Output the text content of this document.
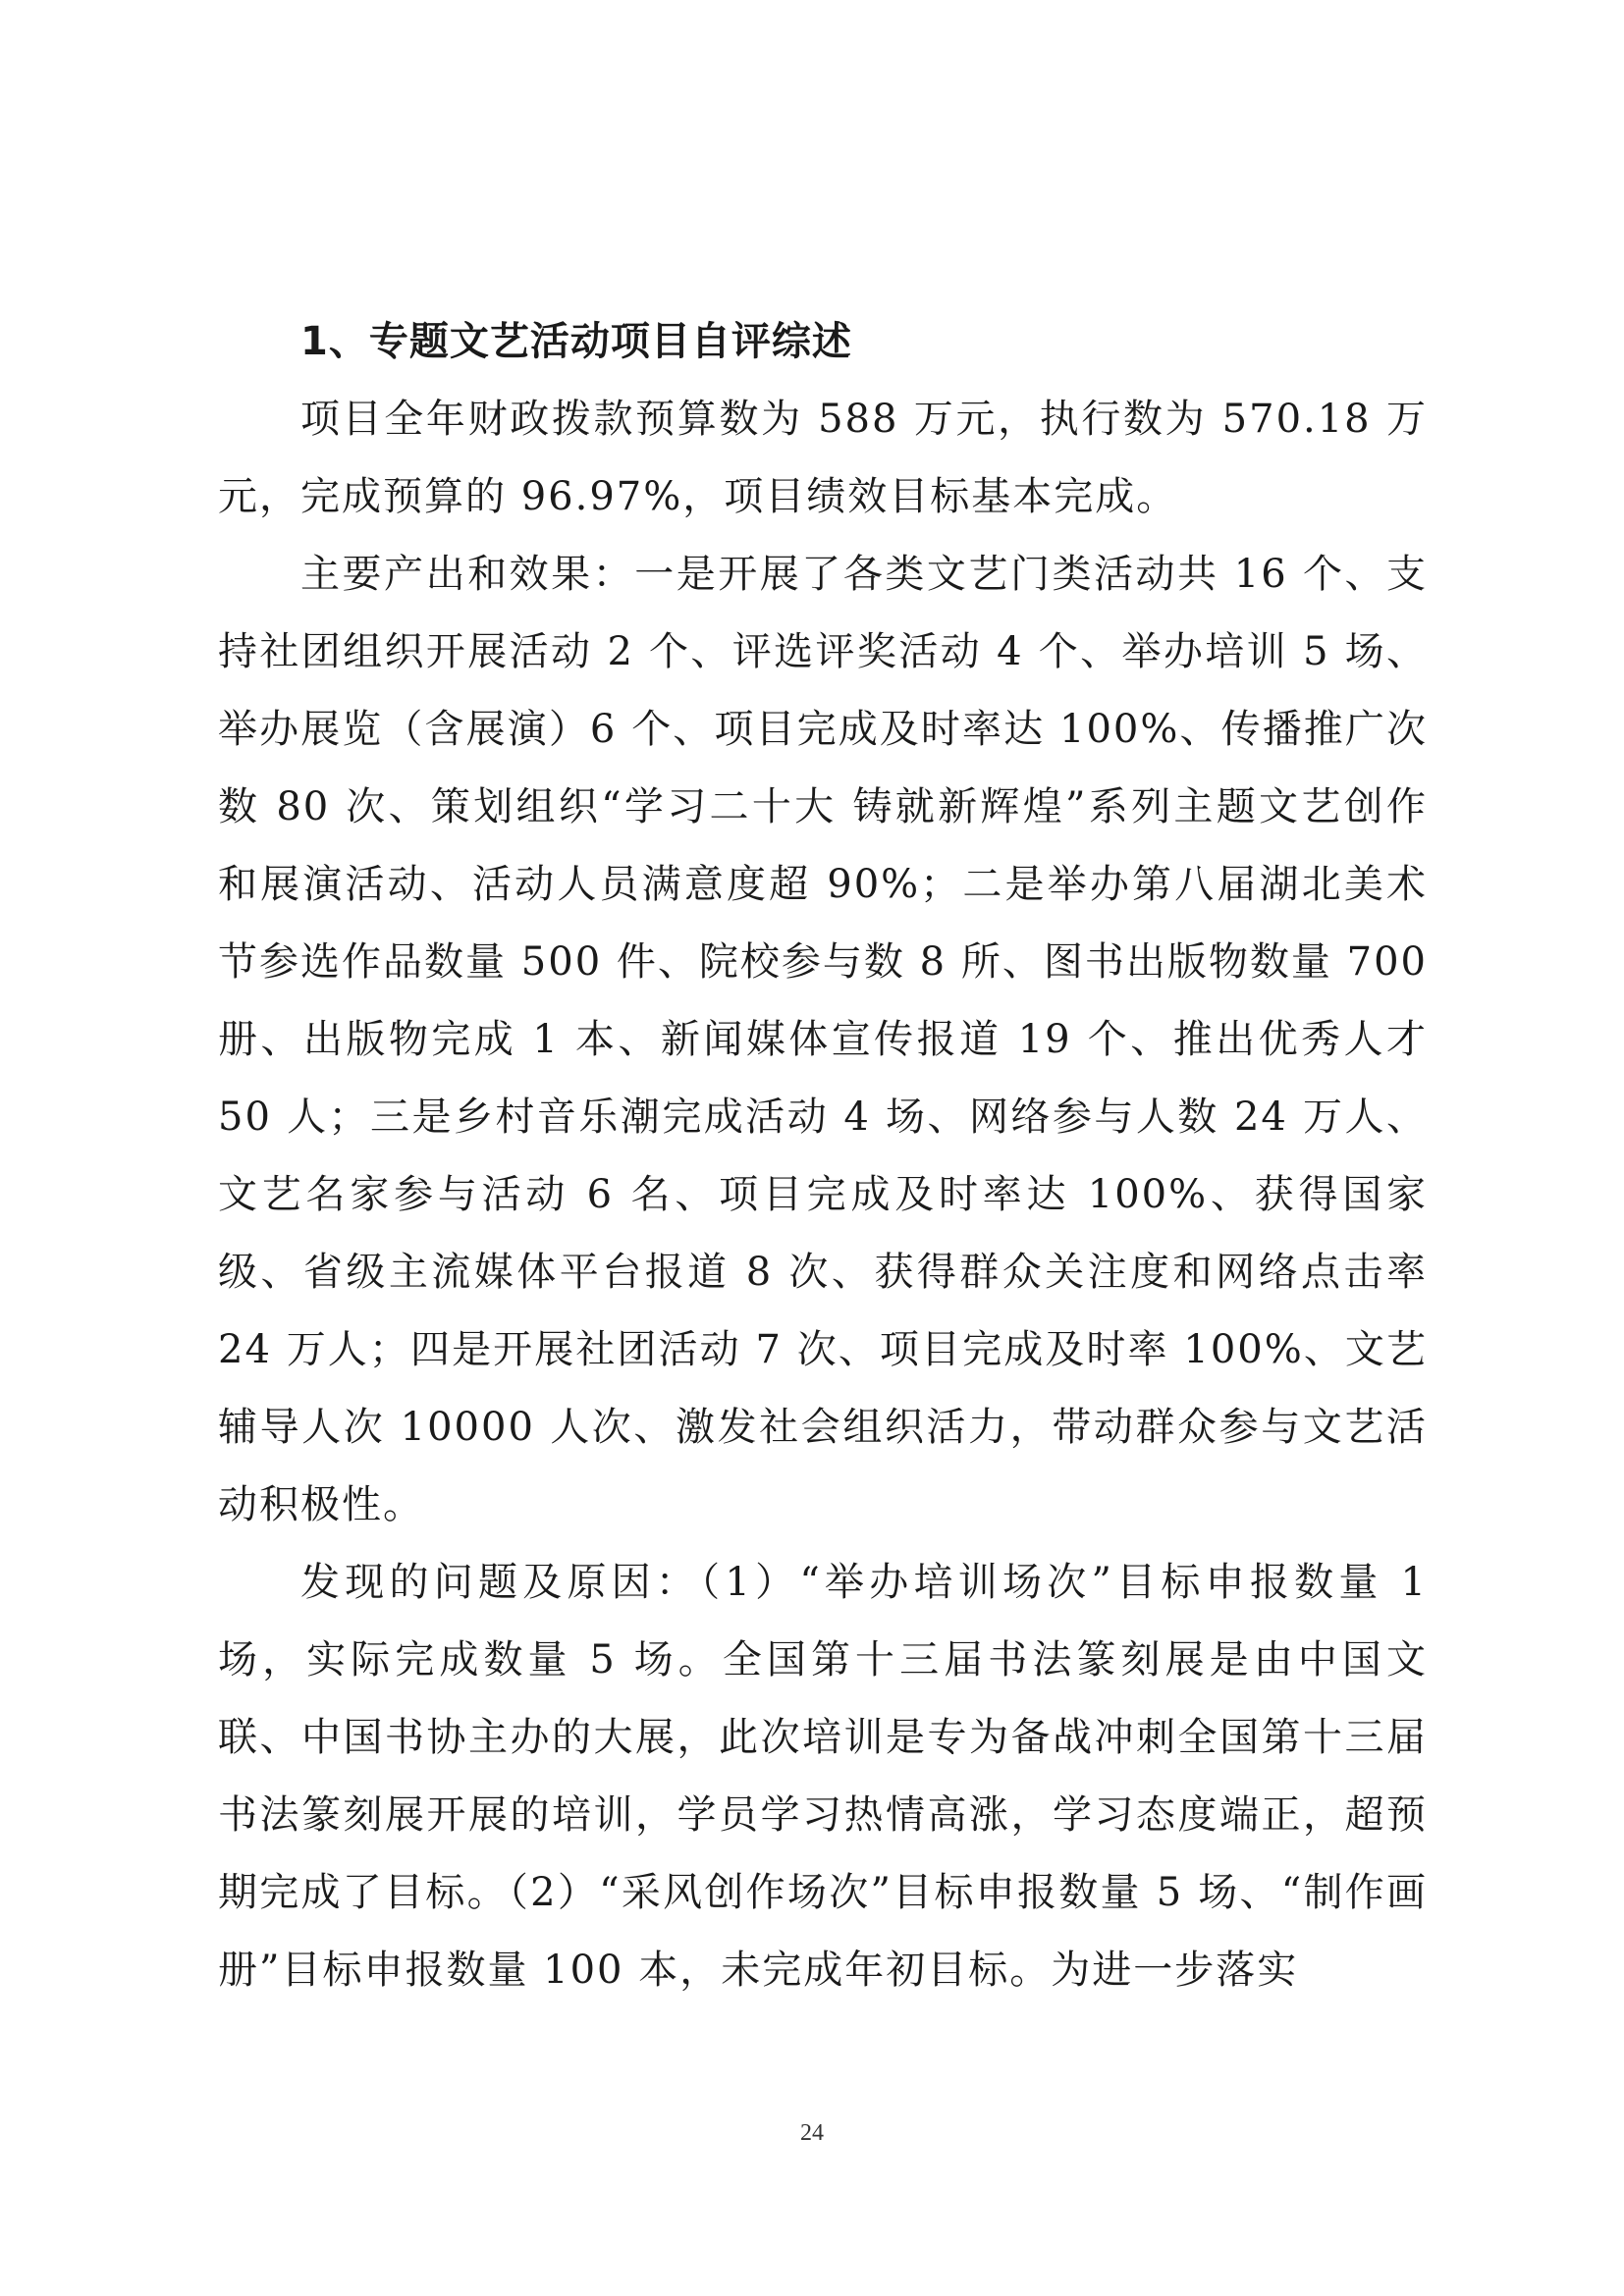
1、专题文艺活动项目自评综述

项目全年财政拨款预算数为 588 万元，执行数为 570.18 万元，完成预算的 96.97%，项目绩效目标基本完成。

主要产出和效果：一是开展了各类文艺门类活动共 16 个、支持社团组织开展活动 2 个、评选评奖活动 4 个、举办培训 5 场、举办展览（含展演）6 个、项目完成及时率达 100%、传播推广次数 80 次、策划组织“学习二十大 铸就新辉煌”系列主题文艺创作和展演活动、活动人员满意度超 90%；二是举办第八届湖北美术节参选作品数量 500 件、院校参与数 8 所、图书出版物数量 700 册、出版物完成 1 本、新闻媒体宣传报道 19 个、推出优秀人才 50 人；三是乡村音乐潮完成活动 4 场、网络参与人数 24 万人、文艺名家参与活动 6 名、项目完成及时率达 100%、获得国家级、省级主流媒体平台报道 8 次、获得群众关注度和网络点击率 24 万人；四是开展社团活动 7 次、项目完成及时率 100%、文艺辅导人次 10000 人次、激发社会组织活力，带动群众参与文艺活动积极性。

发现的问题及原因：（1）“举办培训场次”目标申报数量 1 场，实际完成数量 5 场。全国第十三届书法篆刻展是由中国文联、中国书协主办的大展，此次培训是专为备战冲刺全国第十三届书法篆刻展开展的培训，学员学习热情高涨，学习态度端正，超预期完成了目标。（2）“采风创作场次”目标申报数量 5 场、“制作画册”目标申报数量 100 本，未完成年初目标。为进一步落实

24
